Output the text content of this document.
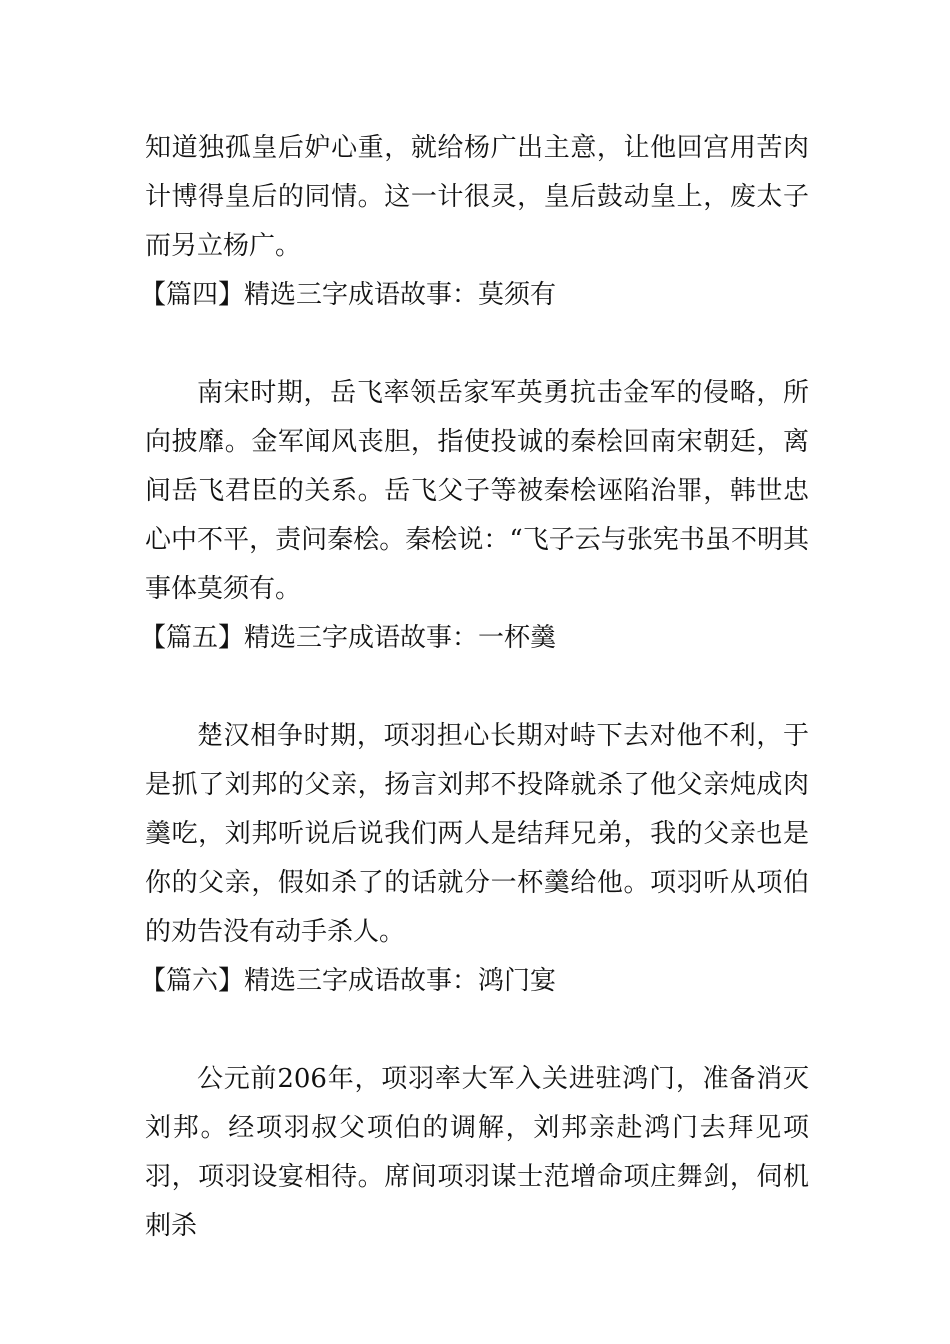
知道独孤皇后妒心重，就给杨广出主意，让他回宫用苦肉计博得皇后的同情。这一计很灵，皇后鼓动皇上，废太子而另立杨广。

【篇四】精选三字成语故事：莫须有

南宋时期，岳飞率领岳家军英勇抗击金军的侵略，所向披靡。金军闻风丧胆，指使投诚的秦桧回南宋朝廷，离间岳飞君臣的关系。岳飞父子等被秦桧诬陷治罪，韩世忠心中不平，责问秦桧。秦桧说：“飞子云与张宪书虽不明其事体莫须有。

【篇五】精选三字成语故事：一杯羹

楚汉相争时期，项羽担心长期对峙下去对他不利，于是抓了刘邦的父亲，扬言刘邦不投降就杀了他父亲炖成肉羹吃，刘邦听说后说我们两人是结拜兄弟，我的父亲也是你的父亲，假如杀了的话就分一杯羹给他。项羽听从项伯的劝告没有动手杀人。

【篇六】精选三字成语故事：鸿门宴

公元前206年，项羽率大军入关进驻鸿门，准备消灭刘邦。经项羽叔父项伯的调解，刘邦亲赴鸿门去拜见项羽，项羽设宴相待。席间项羽谋士范增命项庄舞剑，伺机刺杀
